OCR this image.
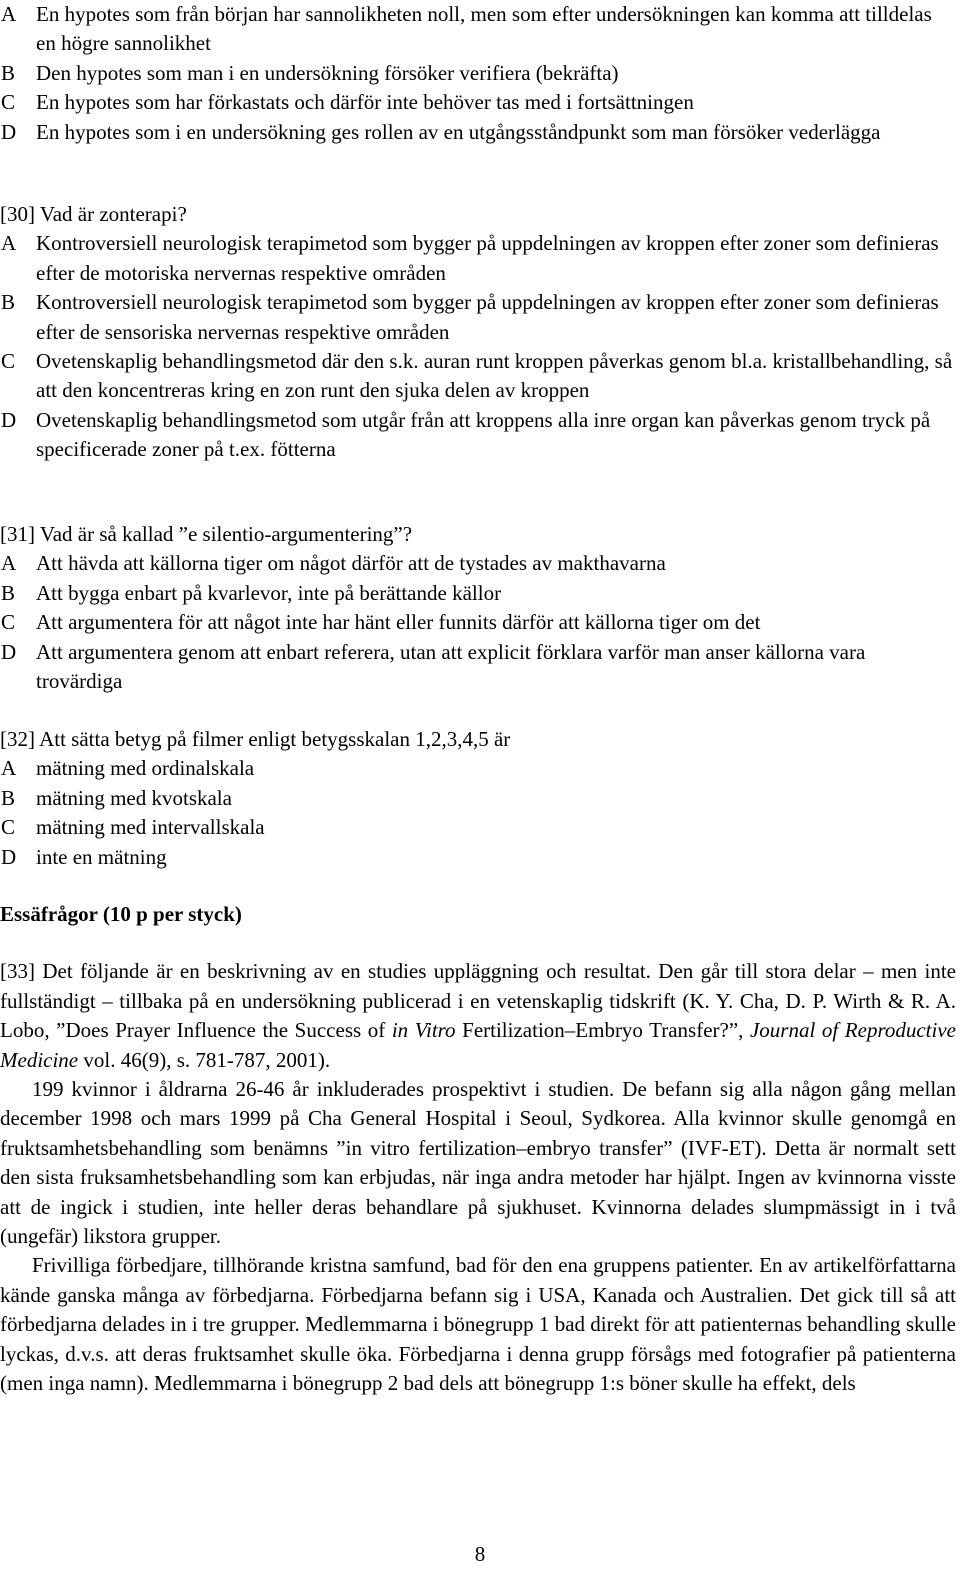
A En hypotes som från början har sannolikheten noll, men som efter undersökningen kan komma att tilldelas en högre sannolikhet
B Den hypotes som man i en undersökning försöker verifiera (bekräfta)
C En hypotes som har förkastats och därför inte behöver tas med i fortsättningen
D En hypotes som i en undersökning ges rollen av en utgångsståndpunkt som man försöker vederlägga

[30] Vad är zonterapi?

A Kontroversiell neurologisk terapimetod som bygger på uppdelningen av kroppen efter zoner som definieras efter de motoriska nervernas respektive områden
B Kontroversiell neurologisk terapimetod som bygger på uppdelningen av kroppen efter zoner som definieras efter de sensoriska nervernas respektive områden
C Ovetenskaplig behandlingsmetod där den s.k. auran runt kroppen påverkas genom bl.a. kristallbehandling, så att den koncentreras kring en zon runt den sjuka delen av kroppen
D Ovetenskaplig behandlingsmetod som utgår från att kroppens alla inre organ kan påverkas genom tryck på specificerade zoner på t.ex. fötterna

[31] Vad är så kallad ”e silentio-argumentering”?

A Att hävda att källorna tiger om något därför att de tystades av makthavarna
B Att bygga enbart på kvarlevor, inte på berättande källor
C Att argumentera för att något inte har hänt eller funnits därför att källorna tiger om det
D Att argumentera genom att enbart referera, utan att explicit förklara varför man anser källorna vara trovärdiga

[32] Att sätta betyg på filmer enligt betygsskalan 1,2,3,4,5 är

A mätning med ordinalskala
B mätning med kvotskala
C mätning med intervallskala
D inte en mätning

Essäfrågor (10 p per styck)

[33] Det följande är en beskrivning av en studies uppläggning och resultat. Den går till stora delar – men inte fullständigt – tillbaka på en undersökning publicerad i en vetenskaplig tidskrift (K. Y. Cha, D. P. Wirth & R. A. Lobo, ”Does Prayer Influence the Success of in Vitro Fertilization–Embryo Transfer?”, Journal of Reproductive Medicine vol. 46(9), s. 781-787, 2001).

199 kvinnor i åldrarna 26-46 år inkluderades prospektivt i studien. De befann sig alla någon gång mellan december 1998 och mars 1999 på Cha General Hospital i Seoul, Sydkorea. Alla kvinnor skulle genomgå en fruktsamhetsbehandling som benämns ”in vitro fertilization–embryo transfer” (IVF-ET). Detta är normalt sett den sista fruksamhetsbehandling som kan erbjudas, när inga andra metoder har hjälpt. Ingen av kvinnorna visste att de ingick i studien, inte heller deras behandlare på sjukhuset. Kvinnorna delades slumpmässigt in i två (ungefär) likstora grupper.

Frivilliga förbedjare, tillhörande kristna samfund, bad för den ena gruppens patienter. En av artikelförfattarna kände ganska många av förbedjarna. Förbedjarna befann sig i USA, Kanada och Australien. Det gick till så att förbedjarna delades in i tre grupper. Medlemmarna i bönegrupp 1 bad direkt för att patienternas behandling skulle lyckas, d.v.s. att deras fruktsamhet skulle öka. Förbedjarna i denna grupp försågs med fotografier på patienterna (men inga namn). Medlemmarna i bönegrupp 2 bad dels att bönegrupp 1:s böner skulle ha effekt, dels

8
